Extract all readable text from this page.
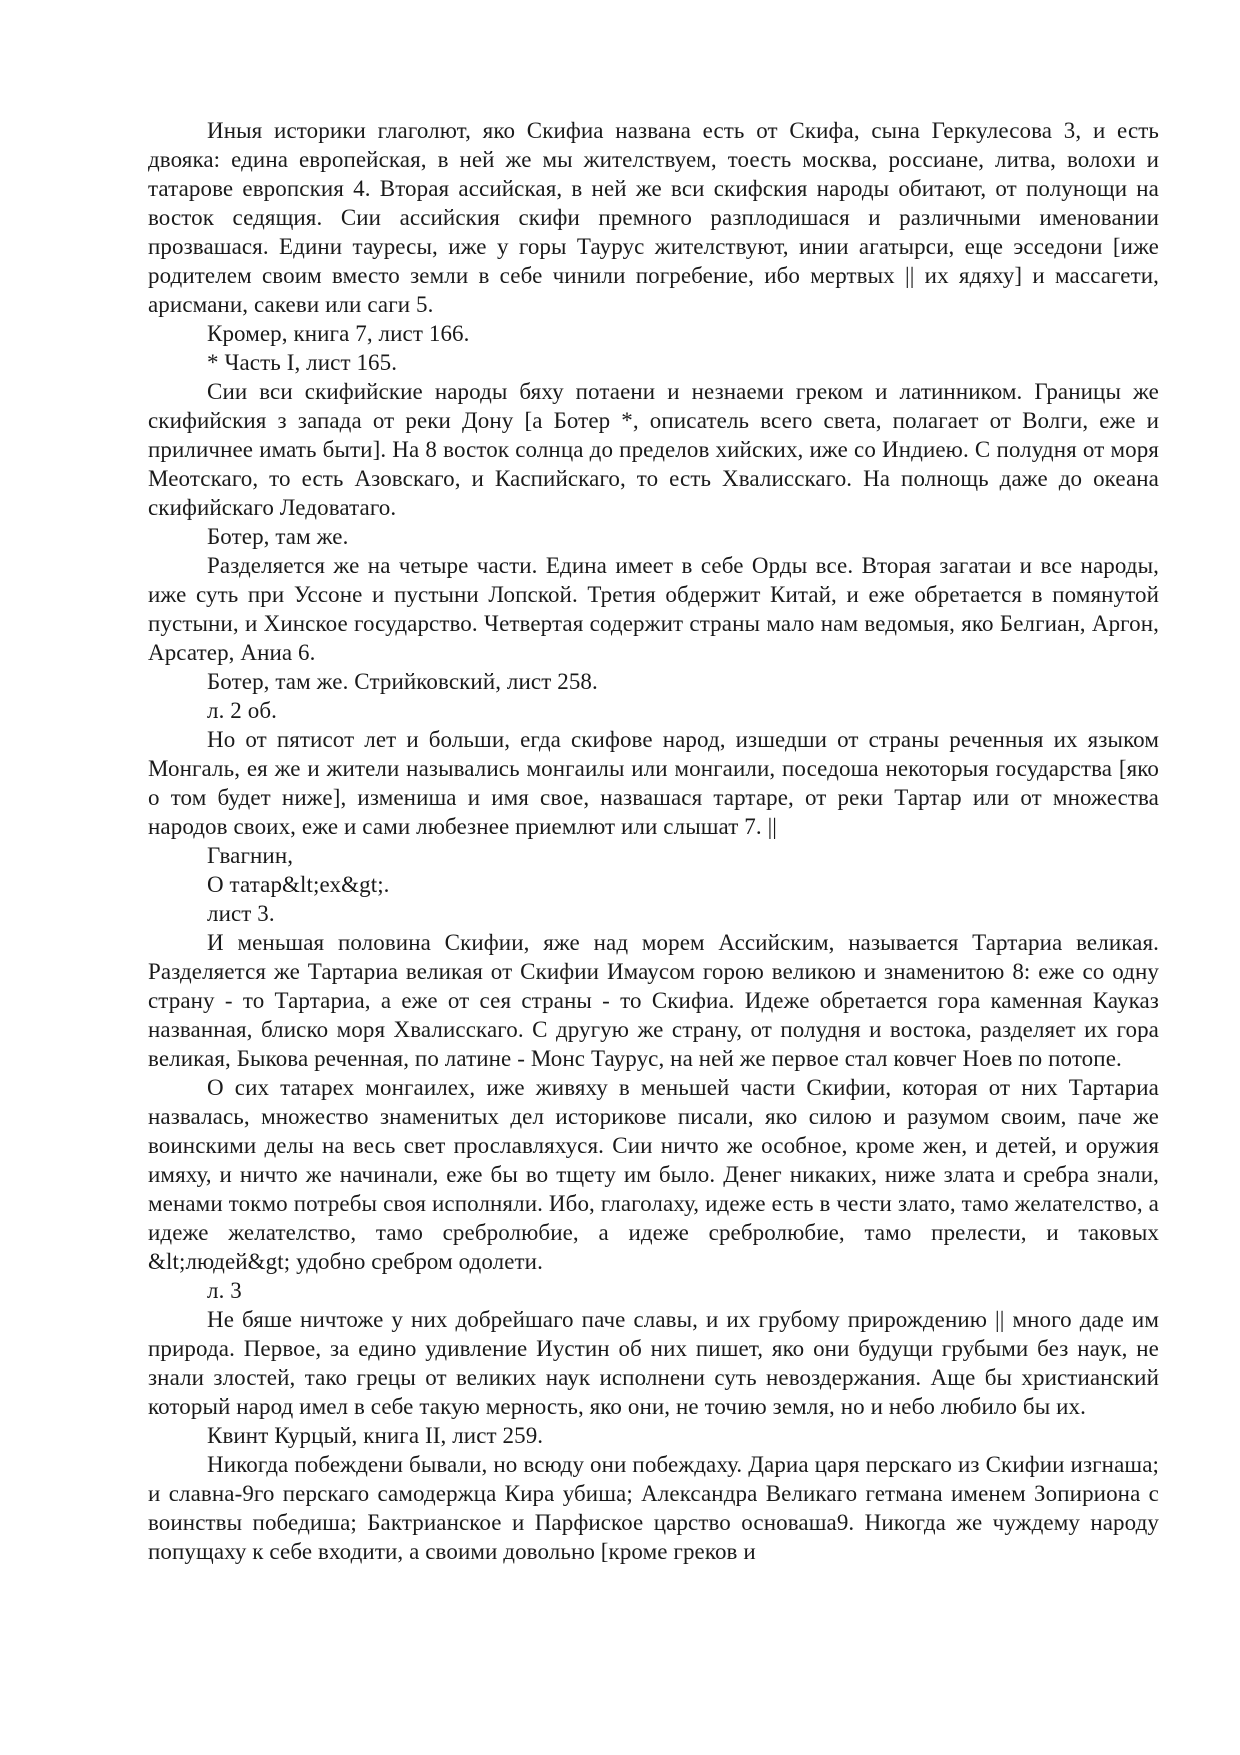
Иныя историки глаголют, яко Скифиа названа есть от Скифа, сына Геркулесова 3, и есть двояка: едина европейская, в ней же мы жителствуем, тоесть москва, россиане, литва, волохи и татарове европския 4. Вторая ассийская, в ней же вси скифския народы обитают, от полунощи на восток седящия. Сии ассийския скифи премного разплодишася и различными именовании прозвашася. Едини тауресы, иже у горы Таурус жителствуют, инии агатырси, еще эсседони [иже родителем своим вместо земли в себе чинили погребение, ибо мертвых || их ядяху] и массагети, арисмани, сакеви или саги 5.

Кромер, книга 7, лист 166.

* Часть I, лист 165.

Сии вси скифийские народы бяху потаени и незнаеми греком и латинником. Границы же скифийския з запада от реки Дону [а Ботер *, описатель всего света, полагает от Волги, еже и приличнее имать быти]. На 8 восток солнца до пределов хийских, иже со Индиею. С полудня от моря Меотскаго, то есть Азовскаго, и Каспийскаго, то есть Хвалисскаго. На полнощь даже до океана скифийскаго Ледоватаго.

Ботер, там же.

Разделяется же на четыре части. Едина имеет в себе Орды все. Вторая загатаи и все народы, иже суть при Уссоне и пустыни Лопской. Третия обдержит Китай, и еже обретается в помянутой пустыни, и Хинское государство. Четвертая содержит страны мало нам ведомыя, яко Белгиан, Аргон, Арсатер, Аниа 6.

Ботер, там же. Стрийковский, лист 258.

л. 2 об.

Но от пятисот лет и больши, егда скифове народ, изшедши от страны реченныя их языком Монгаль, ея же и жители назывались монгаилы или монгаили, поседоша некоторыя государства [яко о том будет ниже], измениша и имя свое, назвашася тартаре, от реки Тартар или от множества народов своих, еже и сами любезнее приемлют или слышат 7. ||

Гвагнин,

О татар&lt;ех&gt;.

лист 3.

И меньшая половина Скифии, яже над морем Ассийским, называется Тартариа великая. Разделяется же Тартариа великая от Скифии Имаусом горою великою и знаменитою 8: еже со одну страну - то Тартариа, а еже от сея страны - то Скифиа. Идеже обретается гора каменная Кауказ названная, блиско моря Хвалисскаго. С другую же страну, от полудня и востока, разделяет их гора великая, Быкова реченная, по латине - Монс Таурус, на ней же первое стал ковчег Ноев по потопе.

О сих татарех монгаилех, иже живяху в меньшей части Скифии, которая от них Тартариа назвалась, множество знаменитых дел историкове писали, яко силою и разумом своим, паче же воинскими делы на весь свет прославляхуся. Сии ничто же особное, кроме жен, и детей, и оружия имяху, и ничто же начинали, еже бы во тщету им было. Денег никаких, ниже злата и сребра знали, менами токмо потребы своя исполняли. Ибо, глаголаху, идеже есть в чести злато, тамо желателство, а идеже желателство, тамо сребролюбие, а идеже сребролюбие, тамо прелести, и таковых &lt;людей&gt; удобно сребром одолети.

л. 3

Не бяше ничтоже у них добрейшаго паче славы, и их грубому прирождению || много даде им природа. Первое, за едино удивление Иустин об них пишет, яко они будущи грубыми без наук, не знали злостей, тако грецы от великих наук исполнени суть невоздержания. Аще бы христианский который народ имел в себе такую мерность, яко они, не точию земля, но и небо любило бы их.

Квинт Курцый, книга II, лист 259.

Никогда побеждени бывали, но всюду они побеждаху. Дариа царя перскаго из Скифии изгнаша; и славна-9го перскаго самодержца Кира убиша; Александра Великаго гетмана именем Зопириона с воинствы победиша; Бактрианское и Парфиское царство основаша9. Никогда же чуждему народу попущаху к себе входити, а своими довольно [кроме греков и
